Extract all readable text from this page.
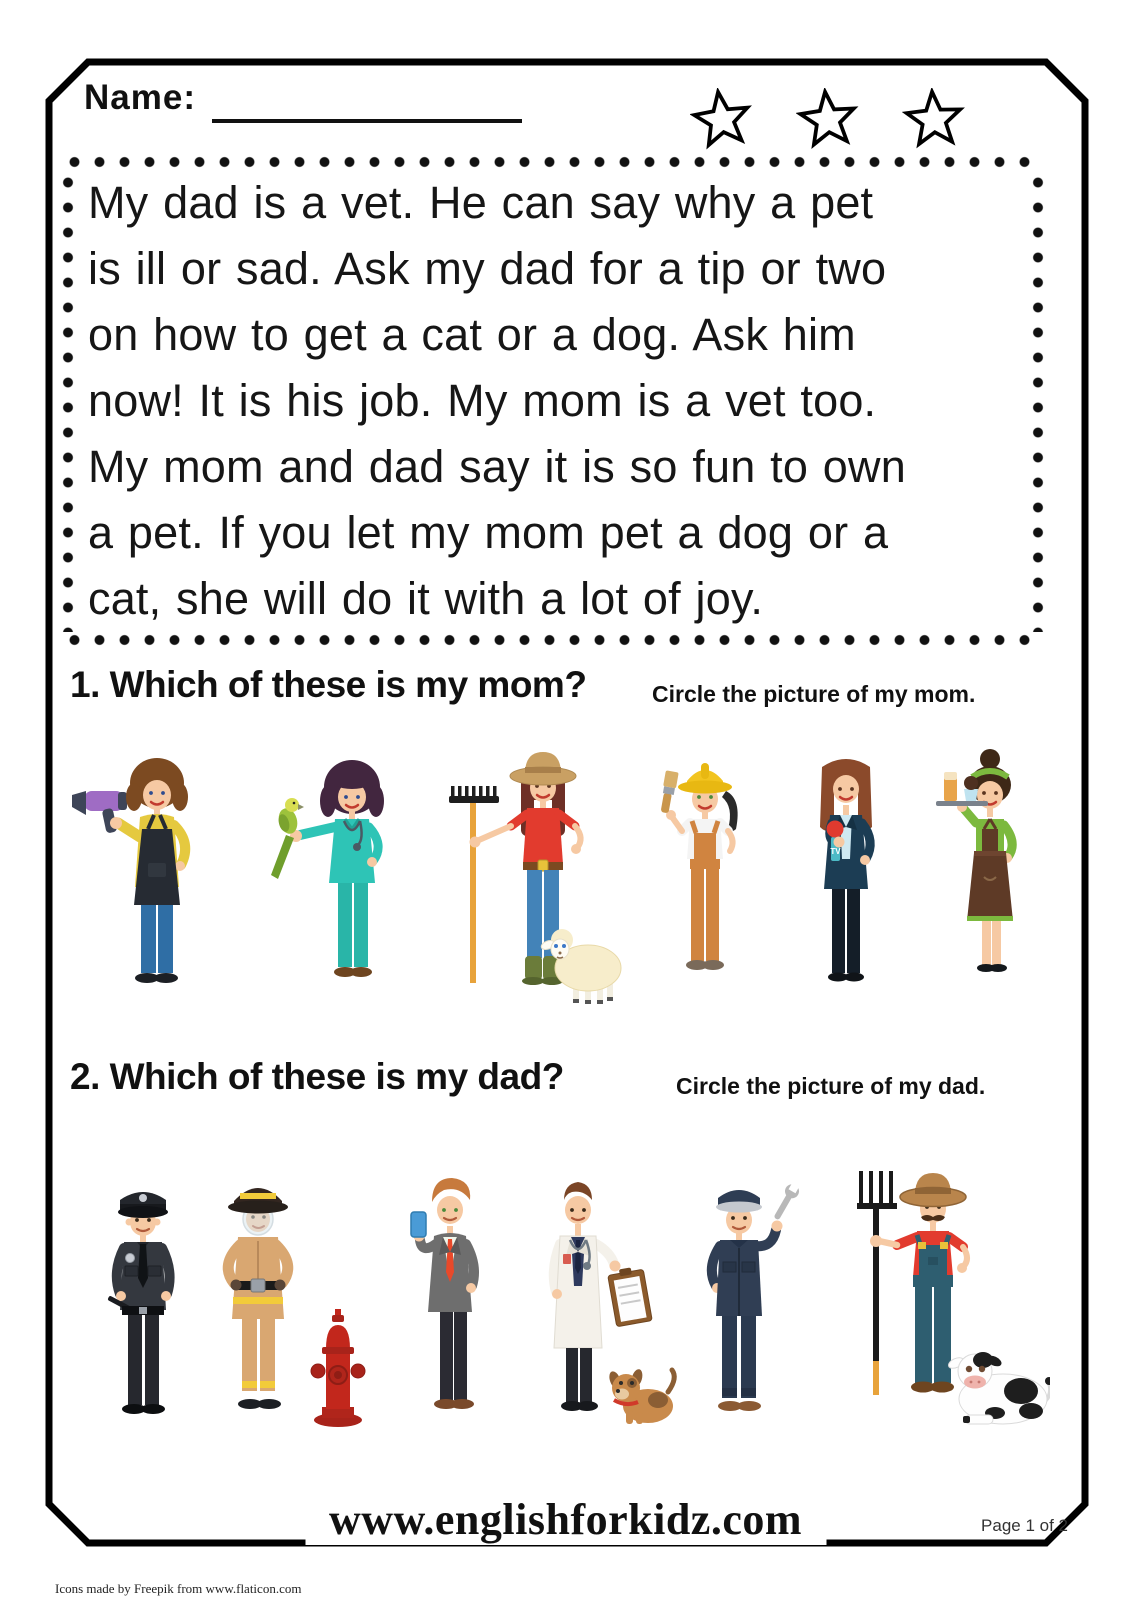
Name:
My dad is a vet. He can say why a pet
is ill or sad. Ask my dad for a tip or two
on how to get a cat or a dog. Ask him
now! It is his job. My mom is a vet too.
My mom and dad say it is so fun to own
a pet. If you let my mom pet a dog or a
cat, she will do it with a lot of joy.
1. Which of these is my mom?	Circle the picture of my mom.
TV
2. Which of these is my dad?	Circle the picture of my dad.
www.englishforkidz.com	Page 1 of 2
Icons made by Freepik from www.flaticon.com
